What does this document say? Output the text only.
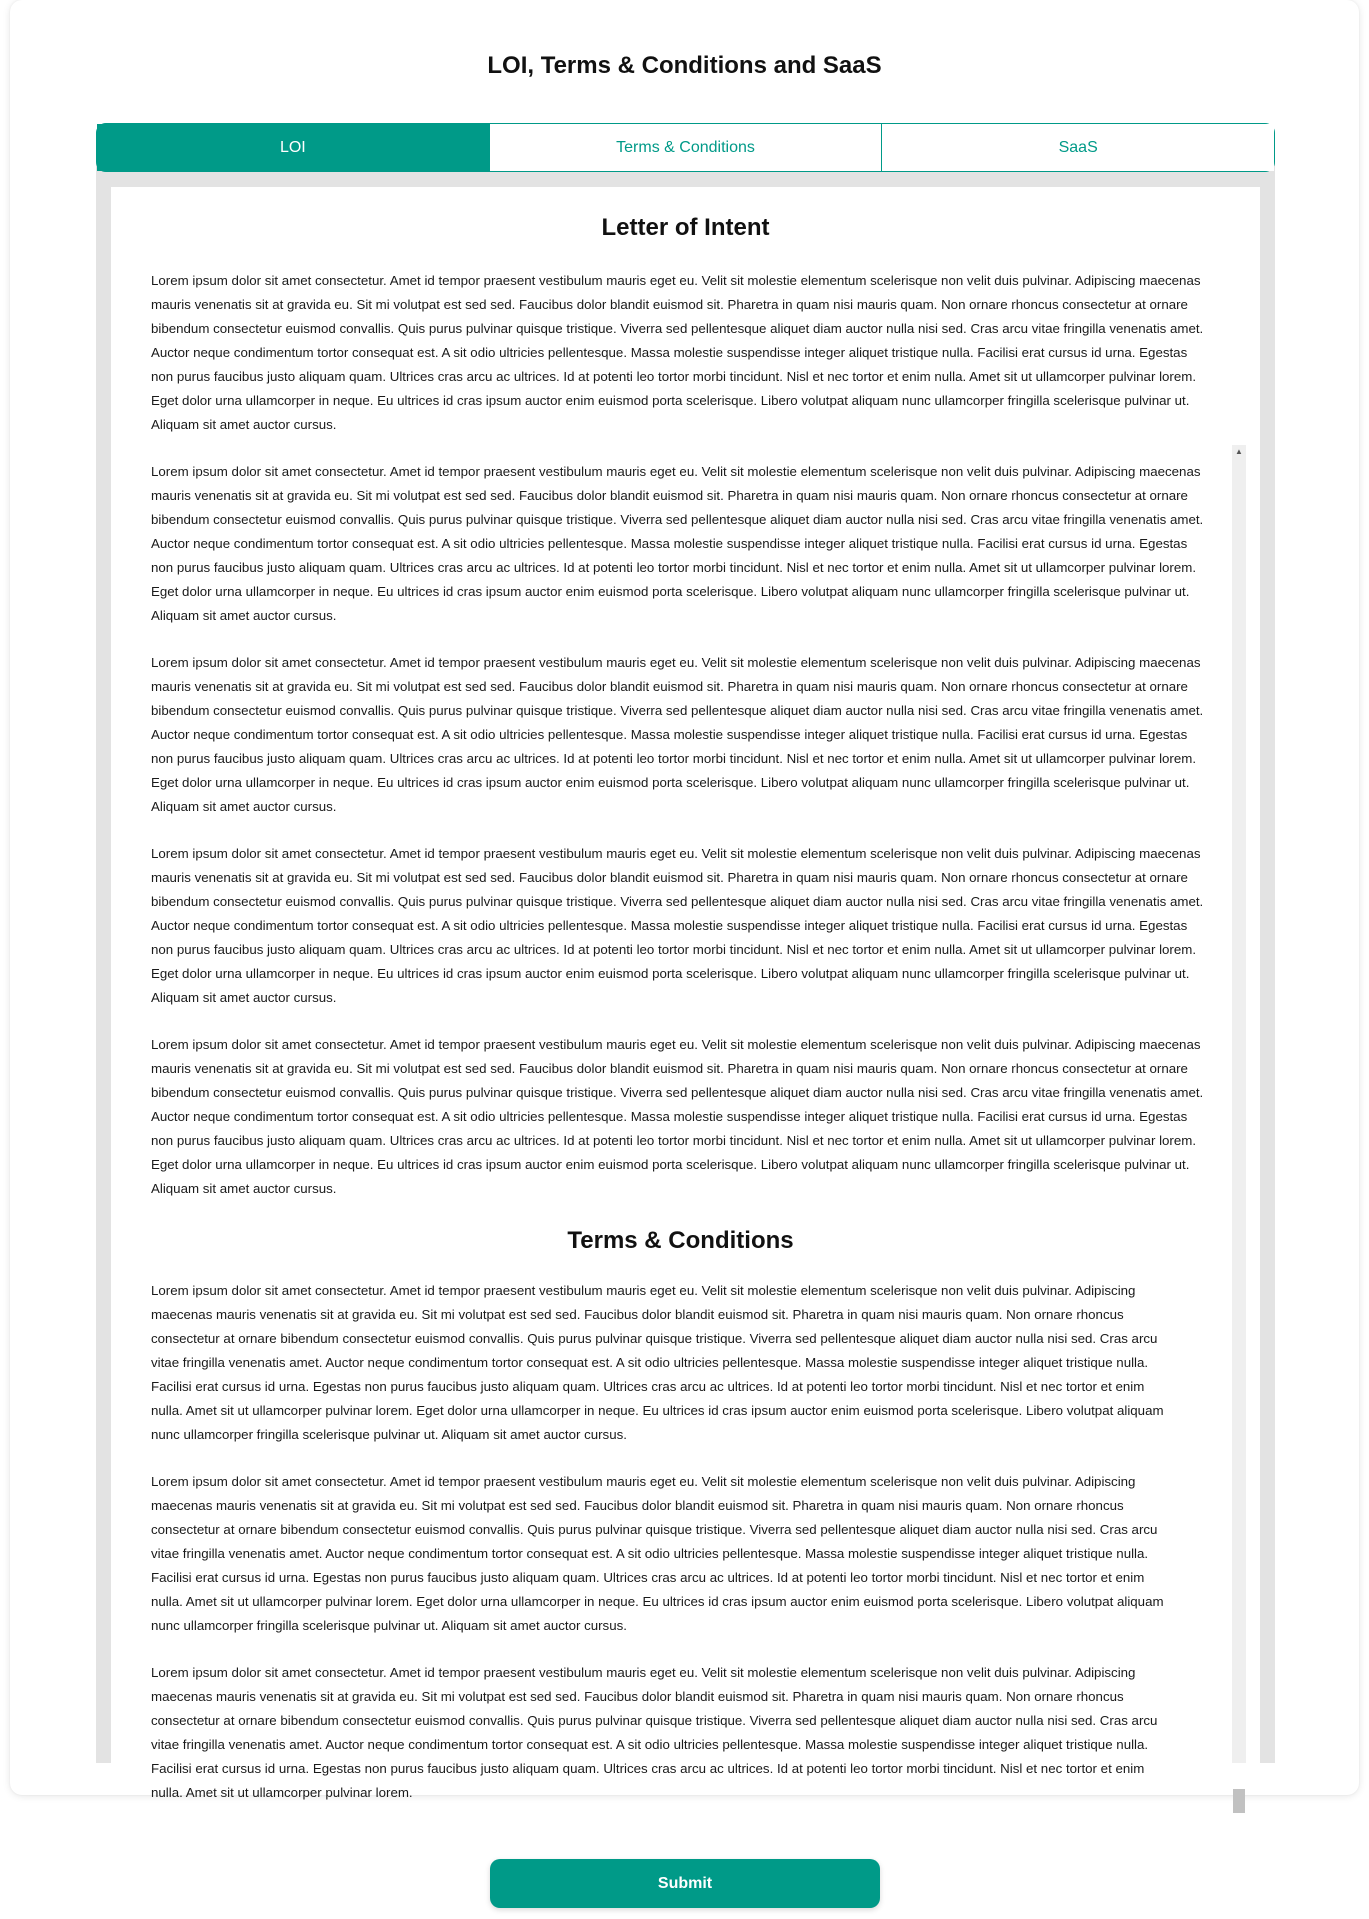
LOI, Terms & Conditions and SaaS
LOI	Terms & Conditions	SaaS
Letter of Intent

Lorem ipsum dolor sit amet consectetur. Amet id tempor praesent vestibulum mauris eget eu. Velit sit molestie elementum scelerisque non velit duis pulvinar. Adipiscing maecenas mauris venenatis sit at gravida eu. Sit mi volutpat est sed sed. Faucibus dolor blandit euismod sit. Pharetra in quam nisi mauris quam. Non ornare rhoncus consectetur at ornare bibendum consectetur euismod convallis. Quis purus pulvinar quisque tristique. Viverra sed pellentesque aliquet diam auctor nulla nisi sed. Cras arcu vitae fringilla venenatis amet. Auctor neque condimentum tortor consequat est. A sit odio ultricies pellentesque. Massa molestie suspendisse integer aliquet tristique nulla. Facilisi erat cursus id urna. Egestas non purus faucibus justo aliquam quam. Ultrices cras arcu ac ultrices. Id at potenti leo tortor morbi tincidunt. Nisl et nec tortor et enim nulla. Amet sit ut ullamcorper pulvinar lorem. Eget dolor urna ullamcorper in neque. Eu ultrices id cras ipsum auctor enim euismod porta scelerisque. Libero volutpat aliquam nunc ullamcorper fringilla scelerisque pulvinar ut. Aliquam sit amet auctor cursus.

Lorem ipsum dolor sit amet consectetur. Amet id tempor praesent vestibulum mauris eget eu. Velit sit molestie elementum scelerisque non velit duis pulvinar. Adipiscing maecenas mauris venenatis sit at gravida eu. Sit mi volutpat est sed sed. Faucibus dolor blandit euismod sit. Pharetra in quam nisi mauris quam. Non ornare rhoncus consectetur at ornare bibendum consectetur euismod convallis. Quis purus pulvinar quisque tristique. Viverra sed pellentesque aliquet diam auctor nulla nisi sed. Cras arcu vitae fringilla venenatis amet. Auctor neque condimentum tortor consequat est. A sit odio ultricies pellentesque. Massa molestie suspendisse integer aliquet tristique nulla. Facilisi erat cursus id urna. Egestas non purus faucibus justo aliquam quam. Ultrices cras arcu ac ultrices. Id at potenti leo tortor morbi tincidunt. Nisl et nec tortor et enim nulla. Amet sit ut ullamcorper pulvinar lorem. Eget dolor urna ullamcorper in neque. Eu ultrices id cras ipsum auctor enim euismod porta scelerisque. Libero volutpat aliquam nunc ullamcorper fringilla scelerisque pulvinar ut. Aliquam sit amet auctor cursus.

Lorem ipsum dolor sit amet consectetur. Amet id tempor praesent vestibulum mauris eget eu. Velit sit molestie elementum scelerisque non velit duis pulvinar. Adipiscing maecenas mauris venenatis sit at gravida eu. Sit mi volutpat est sed sed. Faucibus dolor blandit euismod sit. Pharetra in quam nisi mauris quam. Non ornare rhoncus consectetur at ornare bibendum consectetur euismod convallis. Quis purus pulvinar quisque tristique. Viverra sed pellentesque aliquet diam auctor nulla nisi sed. Cras arcu vitae fringilla venenatis amet. Auctor neque condimentum tortor consequat est. A sit odio ultricies pellentesque. Massa molestie suspendisse integer aliquet tristique nulla. Facilisi erat cursus id urna. Egestas non purus faucibus justo aliquam quam. Ultrices cras arcu ac ultrices. Id at potenti leo tortor morbi tincidunt. Nisl et nec tortor et enim nulla. Amet sit ut ullamcorper pulvinar lorem. Eget dolor urna ullamcorper in neque. Eu ultrices id cras ipsum auctor enim euismod porta scelerisque. Libero volutpat aliquam nunc ullamcorper fringilla scelerisque pulvinar ut. Aliquam sit amet auctor cursus.

Lorem ipsum dolor sit amet consectetur. Amet id tempor praesent vestibulum mauris eget eu. Velit sit molestie elementum scelerisque non velit duis pulvinar. Adipiscing maecenas mauris venenatis sit at gravida eu. Sit mi volutpat est sed sed. Faucibus dolor blandit euismod sit. Pharetra in quam nisi mauris quam. Non ornare rhoncus consectetur at ornare bibendum consectetur euismod convallis. Quis purus pulvinar quisque tristique. Viverra sed pellentesque aliquet diam auctor nulla nisi sed. Cras arcu vitae fringilla venenatis amet. Auctor neque condimentum tortor consequat est. A sit odio ultricies pellentesque. Massa molestie suspendisse integer aliquet tristique nulla. Facilisi erat cursus id urna. Egestas non purus faucibus justo aliquam quam. Ultrices cras arcu ac ultrices. Id at potenti leo tortor morbi tincidunt. Nisl et nec tortor et enim nulla. Amet sit ut ullamcorper pulvinar lorem. Eget dolor urna ullamcorper in neque. Eu ultrices id cras ipsum auctor enim euismod porta scelerisque. Libero volutpat aliquam nunc ullamcorper fringilla scelerisque pulvinar ut. Aliquam sit amet auctor cursus.

Lorem ipsum dolor sit amet consectetur. Amet id tempor praesent vestibulum mauris eget eu. Velit sit molestie elementum scelerisque non velit duis pulvinar. Adipiscing maecenas mauris venenatis sit at gravida eu. Sit mi volutpat est sed sed. Faucibus dolor blandit euismod sit. Pharetra in quam nisi mauris quam. Non ornare rhoncus consectetur at ornare bibendum consectetur euismod convallis. Quis purus pulvinar quisque tristique. Viverra sed pellentesque aliquet diam auctor nulla nisi sed. Cras arcu vitae fringilla venenatis amet. Auctor neque condimentum tortor consequat est. A sit odio ultricies pellentesque. Massa molestie suspendisse integer aliquet tristique nulla. Facilisi erat cursus id urna. Egestas non purus faucibus justo aliquam quam. Ultrices cras arcu ac ultrices. Id at potenti leo tortor morbi tincidunt. Nisl et nec tortor et enim nulla. Amet sit ut ullamcorper pulvinar lorem. Eget dolor urna ullamcorper in neque. Eu ultrices id cras ipsum auctor enim euismod porta scelerisque. Libero volutpat aliquam nunc ullamcorper fringilla scelerisque pulvinar ut. Aliquam sit amet auctor cursus.

Terms & Conditions

Lorem ipsum dolor sit amet consectetur. Amet id tempor praesent vestibulum mauris eget eu. Velit sit molestie elementum scelerisque non velit duis pulvinar. Adipiscing maecenas mauris venenatis sit at gravida eu. Sit mi volutpat est sed sed. Faucibus dolor blandit euismod sit. Pharetra in quam nisi mauris quam. Non ornare rhoncus consectetur at ornare bibendum consectetur euismod convallis. Quis purus pulvinar quisque tristique. Viverra sed pellentesque aliquet diam auctor nulla nisi sed. Cras arcu vitae fringilla venenatis amet. Auctor neque condimentum tortor consequat est. A sit odio ultricies pellentesque. Massa molestie suspendisse integer aliquet tristique nulla. Facilisi erat cursus id urna. Egestas non purus faucibus justo aliquam quam. Ultrices cras arcu ac ultrices. Id at potenti leo tortor morbi tincidunt. Nisl et nec tortor et enim nulla. Amet sit ut ullamcorper pulvinar lorem. Eget dolor urna ullamcorper in neque. Eu ultrices id cras ipsum auctor enim euismod porta scelerisque. Libero volutpat aliquam nunc ullamcorper fringilla scelerisque pulvinar ut. Aliquam sit amet auctor cursus.

Lorem ipsum dolor sit amet consectetur. Amet id tempor praesent vestibulum mauris eget eu. Velit sit molestie elementum scelerisque non velit duis pulvinar. Adipiscing maecenas mauris venenatis sit at gravida eu. Sit mi volutpat est sed sed. Faucibus dolor blandit euismod sit. Pharetra in quam nisi mauris quam. Non ornare rhoncus consectetur at ornare bibendum consectetur euismod convallis. Quis purus pulvinar quisque tristique. Viverra sed pellentesque aliquet diam auctor nulla nisi sed. Cras arcu vitae fringilla venenatis amet. Auctor neque condimentum tortor consequat est. A sit odio ultricies pellentesque. Massa molestie suspendisse integer aliquet tristique nulla. Facilisi erat cursus id urna. Egestas non purus faucibus justo aliquam quam. Ultrices cras arcu ac ultrices. Id at potenti leo tortor morbi tincidunt. Nisl et nec tortor et enim nulla. Amet sit ut ullamcorper pulvinar lorem. Eget dolor urna ullamcorper in neque. Eu ultrices id cras ipsum auctor enim euismod porta scelerisque. Libero volutpat aliquam nunc ullamcorper fringilla scelerisque pulvinar ut. Aliquam sit amet auctor cursus.

Lorem ipsum dolor sit amet consectetur. Amet id tempor praesent vestibulum mauris eget eu. Velit sit molestie elementum scelerisque non velit duis pulvinar. Adipiscing maecenas mauris venenatis sit at gravida eu. Sit mi volutpat est sed sed. Faucibus dolor blandit euismod sit. Pharetra in quam nisi mauris quam. Non ornare rhoncus consectetur at ornare bibendum consectetur euismod convallis. Quis purus pulvinar quisque tristique. Viverra sed pellentesque aliquet diam auctor nulla nisi sed. Cras arcu vitae fringilla venenatis amet. Auctor neque condimentum tortor consequat est. A sit odio ultricies pellentesque. Massa molestie suspendisse integer aliquet tristique nulla. Facilisi erat cursus id urna. Egestas non purus faucibus justo aliquam quam. Ultrices cras arcu ac ultrices. Id at potenti leo tortor morbi tincidunt. Nisl et nec tortor et enim nulla. Amet sit ut ullamcorper pulvinar lorem.

▲
Submit
